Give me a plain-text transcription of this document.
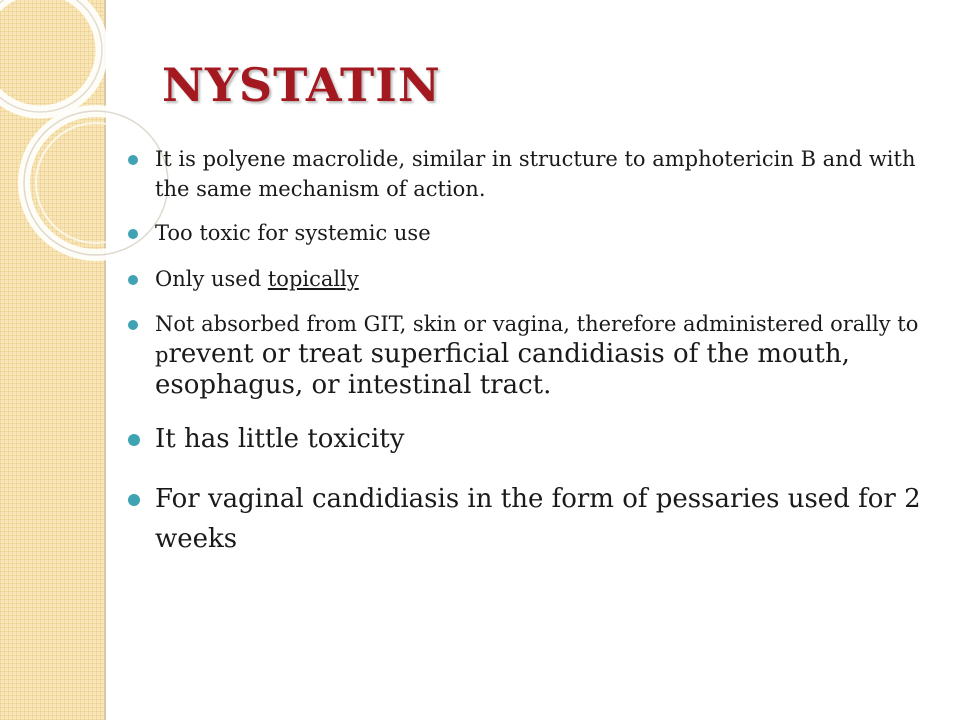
NYSTATIN
It is polyene macrolide, similar in structure to amphotericin B and with the same mechanism of action.
Too toxic for systemic use
Only used topically
Not absorbed from GIT, skin or vagina, therefore administered orally to prevent or treat superficial candidiasis of the mouth, esophagus, or intestinal tract.
It has little toxicity
For vaginal candidiasis in the form of pessaries used for 2 weeks
